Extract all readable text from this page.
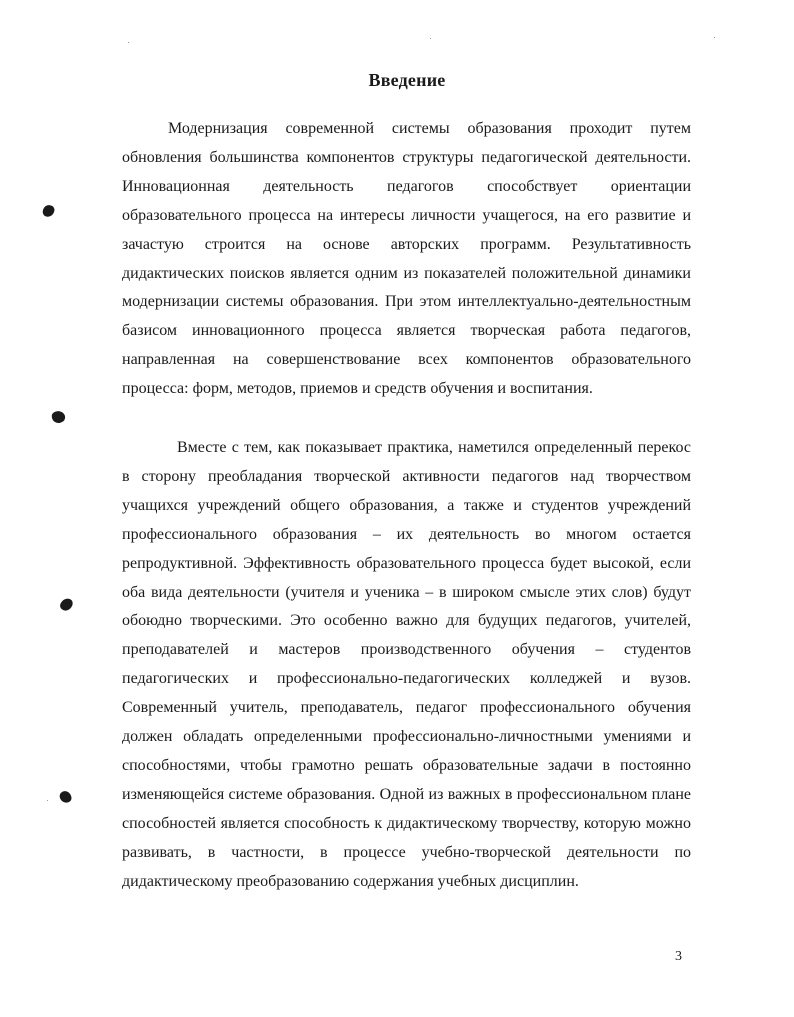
Введение
Модернизация современной системы образования проходит путем обновления большинства компонентов структуры педагогической деятельности. Инновационная деятельность педагогов способствует ориентации образовательного процесса на интересы личности учащегося, на его развитие и зачастую строится на основе авторских программ. Результативность дидактических поисков является одним из показателей положительной динамики модернизации системы образования. При этом интеллектуально-деятельностным базисом инновационного процесса является творческая работа педагогов, направленная на совершенствование всех компонентов образовательного процесса: форм, методов, приемов и средств обучения и воспитания.
Вместе с тем, как показывает практика, наметился определенный перекос в сторону преобладания творческой активности педагогов над творчеством учащихся учреждений общего образования, а также и студентов учреждений профессионального образования – их деятельность во многом остается репродуктивной. Эффективность образовательного процесса будет высокой, если оба вида деятельности (учителя и ученика – в широком смысле этих слов) будут обоюдно творческими. Это особенно важно для будущих педагогов, учителей, преподавателей и мастеров производственного обучения – студентов педагогических и профессионально-педагогических колледжей и вузов. Современный учитель, преподаватель, педагог профессионального обучения должен обладать определенными профессионально-личностными умениями и способностями, чтобы грамотно решать образовательные задачи в постоянно изменяющейся системе образования. Одной из важных в профессиональном плане способностей является способность к дидактическому творчеству, которую можно развивать, в частности, в процессе учебно-творческой деятельности по дидактическому преобразованию содержания учебных дисциплин.
3
